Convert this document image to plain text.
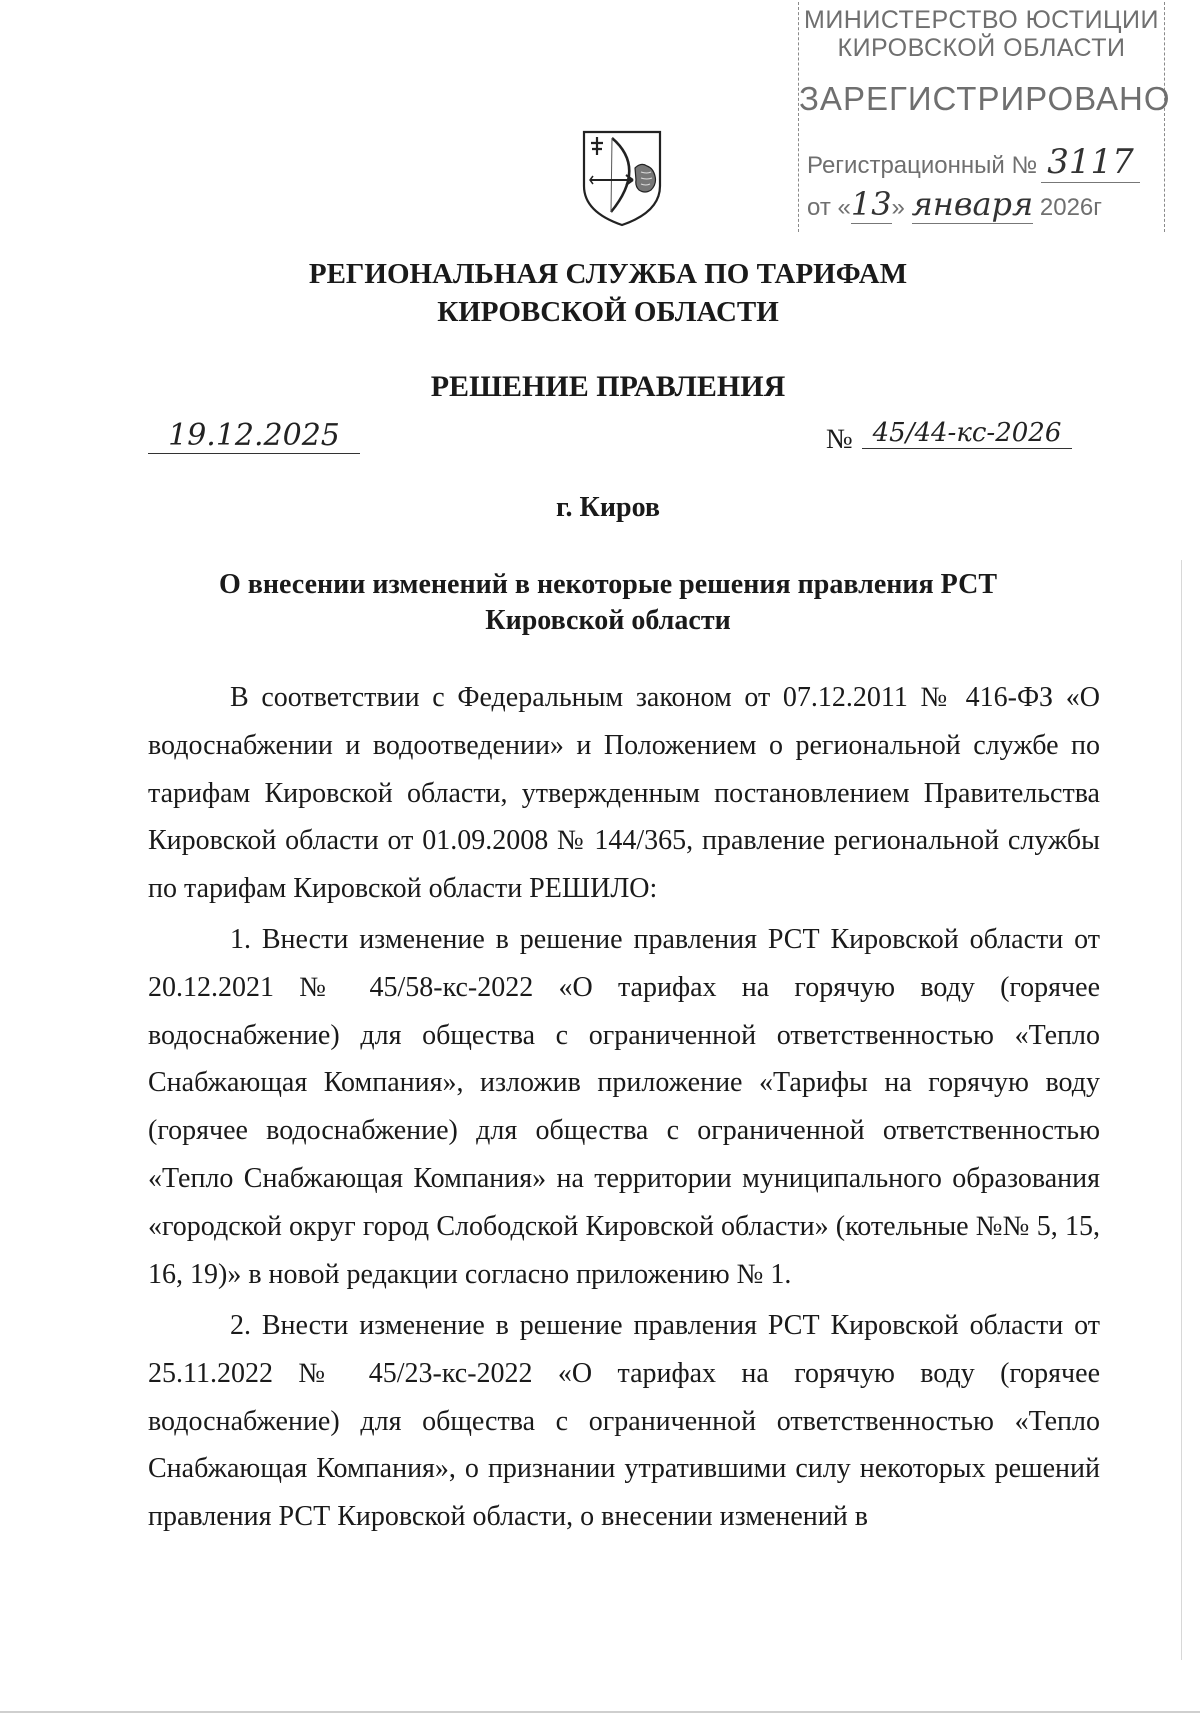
МИНИСТЕРСТВО ЮСТИЦИИ
КИРОВСКОЙ ОБЛАСТИ
ЗАРЕГИСТРИРОВАНО
Регистрационный № 3117
от «13» января 2026г
РЕГИОНАЛЬНАЯ СЛУЖБА ПО ТАРИФАМ
КИРОВСКОЙ ОБЛАСТИ
РЕШЕНИЕ ПРАВЛЕНИЯ
19.12.2025	№ 45/44-кс-2026
г. Киров
О внесении изменений в некоторые решения правления РСТ
Кировской области
В соответствии с Федеральным законом от 07.12.2011 № 416-ФЗ «О водоснабжении и водоотведении» и Положением о региональной службе по тарифам Кировской области, утвержденным постановлением Правительства Кировской области от 01.09.2008 № 144/365, правление региональной службы по тарифам Кировской области РЕШИЛО:
1. Внести изменение в решение правления РСТ Кировской области от 20.12.2021 № 45/58-кс-2022 «О тарифах на горячую воду (горячее водоснабжение) для общества с ограниченной ответственностью «Тепло Снабжающая Компания», изложив приложение «Тарифы на горячую воду (горячее водоснабжение) для общества с ограниченной ответственностью «Тепло Снабжающая Компания» на территории муниципального образования «городской округ город Слободской Кировской области» (котельные №№ 5, 15, 16, 19)» в новой редакции согласно приложению № 1.
2. Внести изменение в решение правления РСТ Кировской области от 25.11.2022 № 45/23-кс-2022 «О тарифах на горячую воду (горячее водоснабжение) для общества с ограниченной ответственностью «Тепло Снабжающая Компания», о признании утратившими силу некоторых решений правления РСТ Кировской области, о внесении изменений в
